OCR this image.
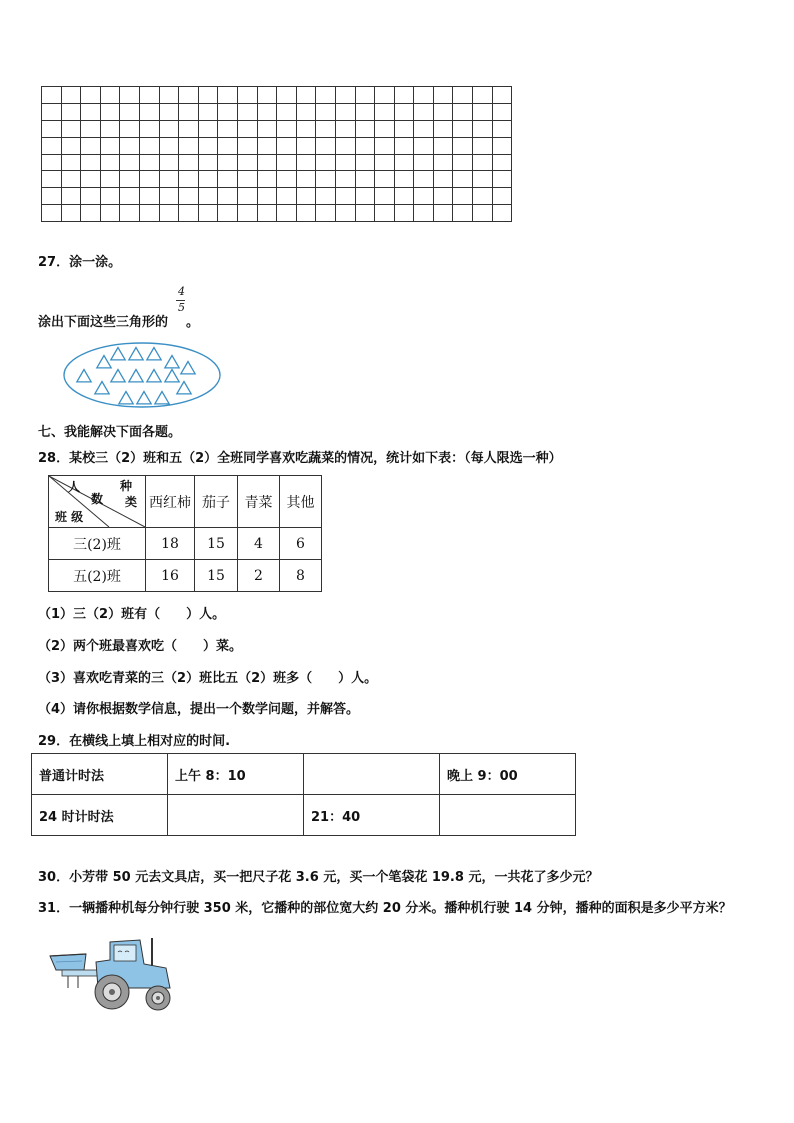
27．涂一涂。
涂出下面这些三角形的
4
5
。
七、我能解决下面各题。
28．某校三（2）班和五（2）全班同学喜欢吃蔬菜的情况，统计如下表：（每人限选一种）
人 种
数 类
班 级	西红柿	茄子	青菜	其他
三(2)班	18	15	4	6
五(2)班	16	15	2	8
（1）三（2）班有（　　）人。
（2）两个班最喜欢吃（　　）菜。
（3）喜欢吃青菜的三（2）班比五（2）班多（　　）人。
（4）请你根据数学信息，提出一个数学问题，并解答。
29．在横线上填上相对应的时间.
普通计时法	上午 8：10		晚上 9：00
24 时计时法		21：40	
30．小芳带 50 元去文具店，买一把尺子花 3.6 元，买一个笔袋花 19.8 元，一共花了多少元？
31．一辆播种机每分钟行驶 350 米，它播种的部位宽大约 20 分米。播种机行驶 14 分钟，播种的面积是多少平方米？
